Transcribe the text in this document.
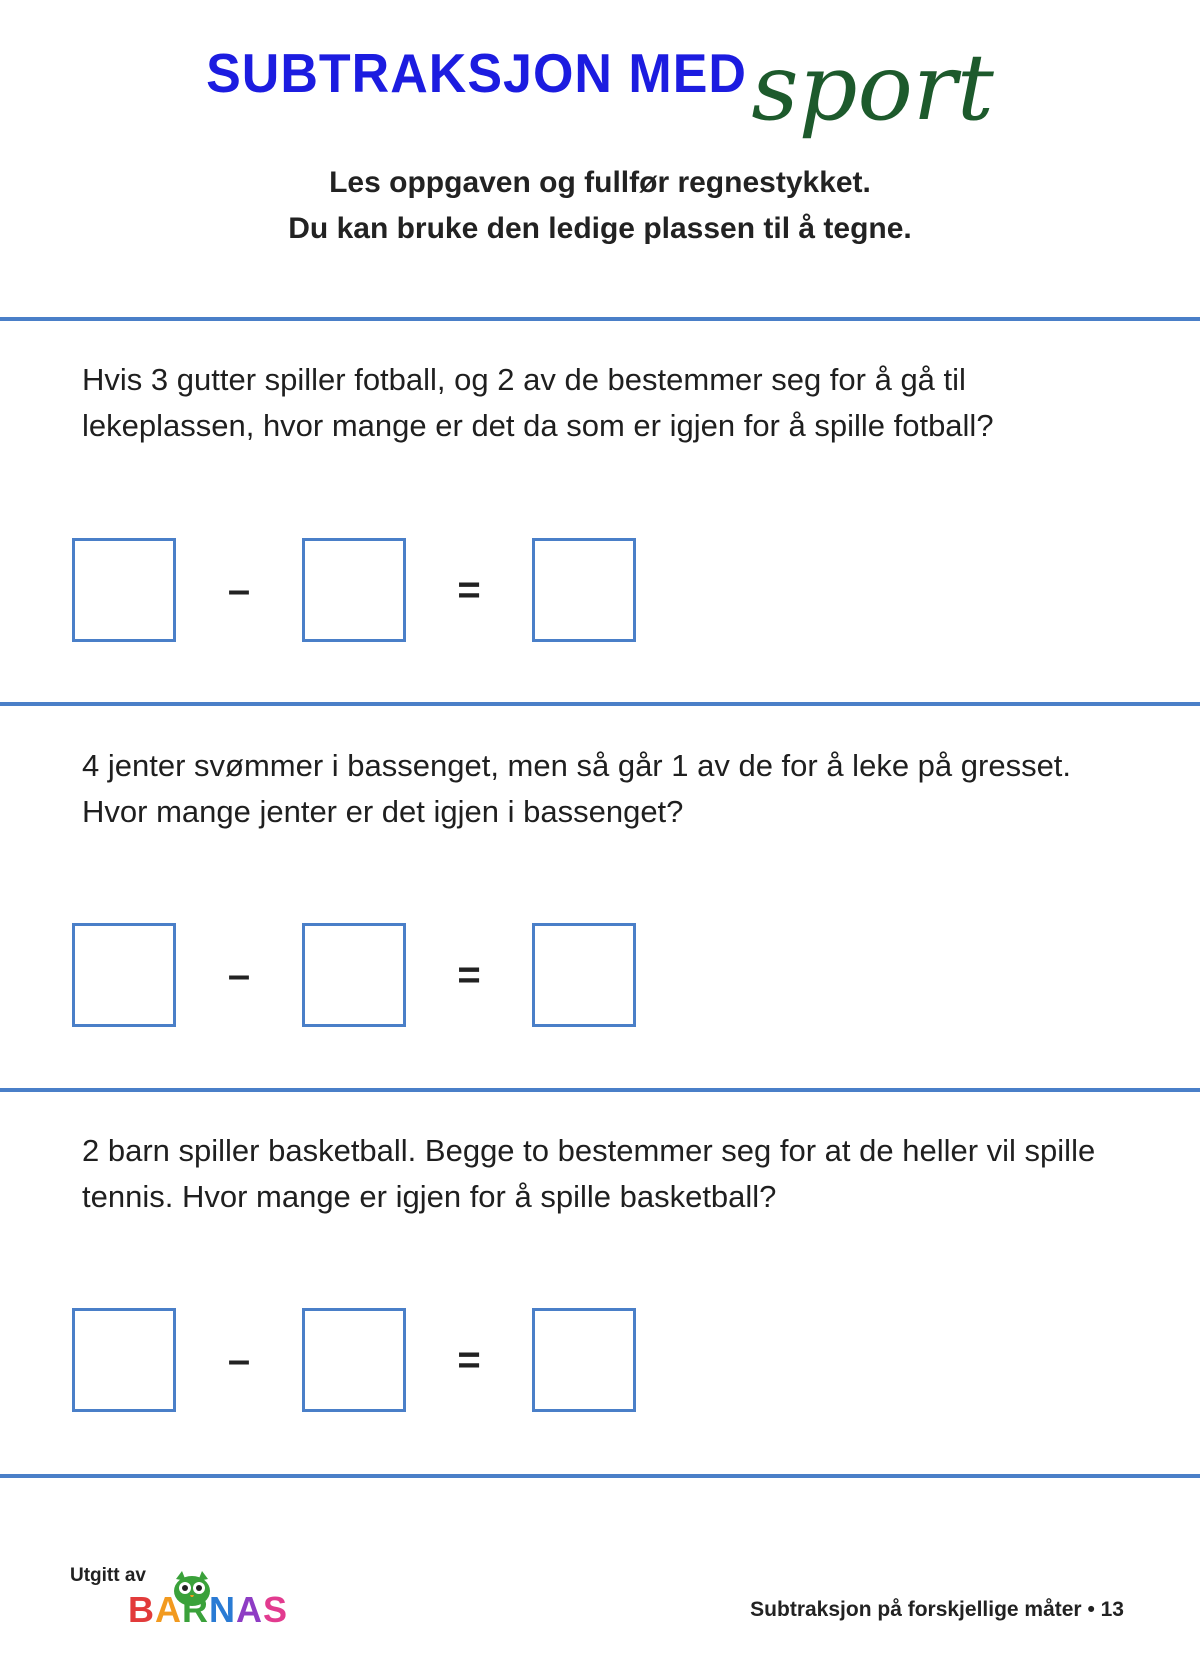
SUBTRAKSJON MED sport
Les oppgaven og fullfør regnestykket.
Du kan bruke den ledige plassen til å tegne.
Hvis 3 gutter spiller fotball, og 2 av de bestemmer seg for å gå til lekeplassen, hvor mange er det da som er igjen for å spille fotball?
–	=
4 jenter svømmer i bassenget, men så går 1 av de for å leke på gresset. Hvor mange jenter er det igjen i bassenget?
–	=
2 barn spiller basketball. Begge to bestemmer seg for at de heller vil spille tennis. Hvor mange er igjen for å spille basketball?
–	=
Utgitt av
BARNAS	Subtraksjon på forskjellige måter • 13
